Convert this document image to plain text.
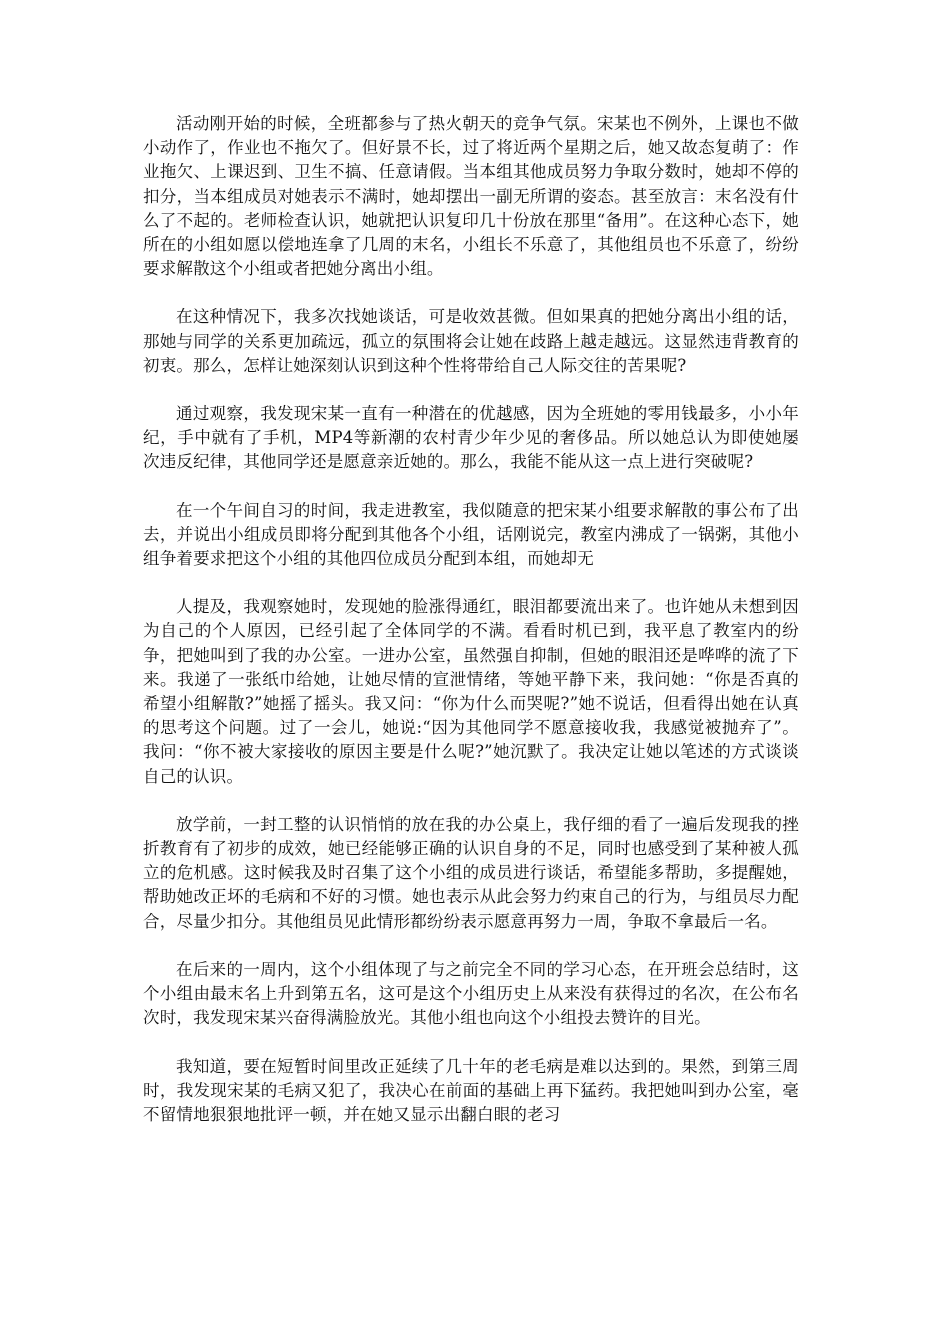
活动刚开始的时候，全班都参与了热火朝天的竞争气氛。宋某也不例外，上课也不做小动作了，作业也不拖欠了。但好景不长，过了将近两个星期之后，她又故态复萌了：作业拖欠、上课迟到、卫生不搞、任意请假。当本组其他成员努力争取分数时，她却不停的扣分，当本组成员对她表示不满时，她却摆出一副无所谓的姿态。甚至放言：末名没有什么了不起的。老师检查认识，她就把认识复印几十份放在那里“备用”。在这种心态下，她所在的小组如愿以偿地连拿了几周的末名，小组长不乐意了，其他组员也不乐意了，纷纷要求解散这个小组或者把她分离出小组。

在这种情况下，我多次找她谈话，可是收效甚微。但如果真的把她分离出小组的话，那她与同学的关系更加疏远，孤立的氛围将会让她在歧路上越走越远。这显然违背教育的初衷。那么，怎样让她深刻认识到这种个性将带给自己人际交往的苦果呢?

通过观察，我发现宋某一直有一种潜在的优越感，因为全班她的零用钱最多，小小年纪，手中就有了手机，MP4等新潮的农村青少年少见的奢侈品。所以她总认为即使她屡次违反纪律，其他同学还是愿意亲近她的。那么，我能不能从这一点上进行突破呢?

在一个午间自习的时间，我走进教室，我似随意的把宋某小组要求解散的事公布了出去，并说出小组成员即将分配到其他各个小组，话刚说完，教室内沸成了一锅粥，其他小组争着要求把这个小组的其他四位成员分配到本组，而她却无

人提及，我观察她时，发现她的脸涨得通红，眼泪都要流出来了。也许她从未想到因为自己的个人原因，已经引起了全体同学的不满。看看时机已到，我平息了教室内的纷争，把她叫到了我的办公室。一进办公室，虽然强自抑制，但她的眼泪还是哗哗的流了下来。我递了一张纸巾给她，让她尽情的宣泄情绪，等她平静下来，我问她：“你是否真的希望小组解散?”她摇了摇头。我又问：“你为什么而哭呢?”她不说话，但看得出她在认真的思考这个问题。过了一会儿，她说:“因为其他同学不愿意接收我，我感觉被抛弃了”。我问：“你不被大家接收的原因主要是什么呢?”她沉默了。我决定让她以笔述的方式谈谈自己的认识。

放学前，一封工整的认识悄悄的放在我的办公桌上，我仔细的看了一遍后发现我的挫折教育有了初步的成效，她已经能够正确的认识自身的不足，同时也感受到了某种被人孤立的危机感。这时候我及时召集了这个小组的成员进行谈话，希望能多帮助，多提醒她，帮助她改正坏的毛病和不好的习惯。她也表示从此会努力约束自己的行为，与组员尽力配合，尽量少扣分。其他组员见此情形都纷纷表示愿意再努力一周，争取不拿最后一名。

在后来的一周内，这个小组体现了与之前完全不同的学习心态，在开班会总结时，这个小组由最末名上升到第五名，这可是这个小组历史上从来没有获得过的名次，在公布名次时，我发现宋某兴奋得满脸放光。其他小组也向这个小组投去赞许的目光。

我知道，要在短暂时间里改正延续了几十年的老毛病是难以达到的。果然，到第三周时，我发现宋某的毛病又犯了，我决心在前面的基础上再下猛药。我把她叫到办公室，毫不留情地狠狠地批评一顿，并在她又显示出翻白眼的老习
